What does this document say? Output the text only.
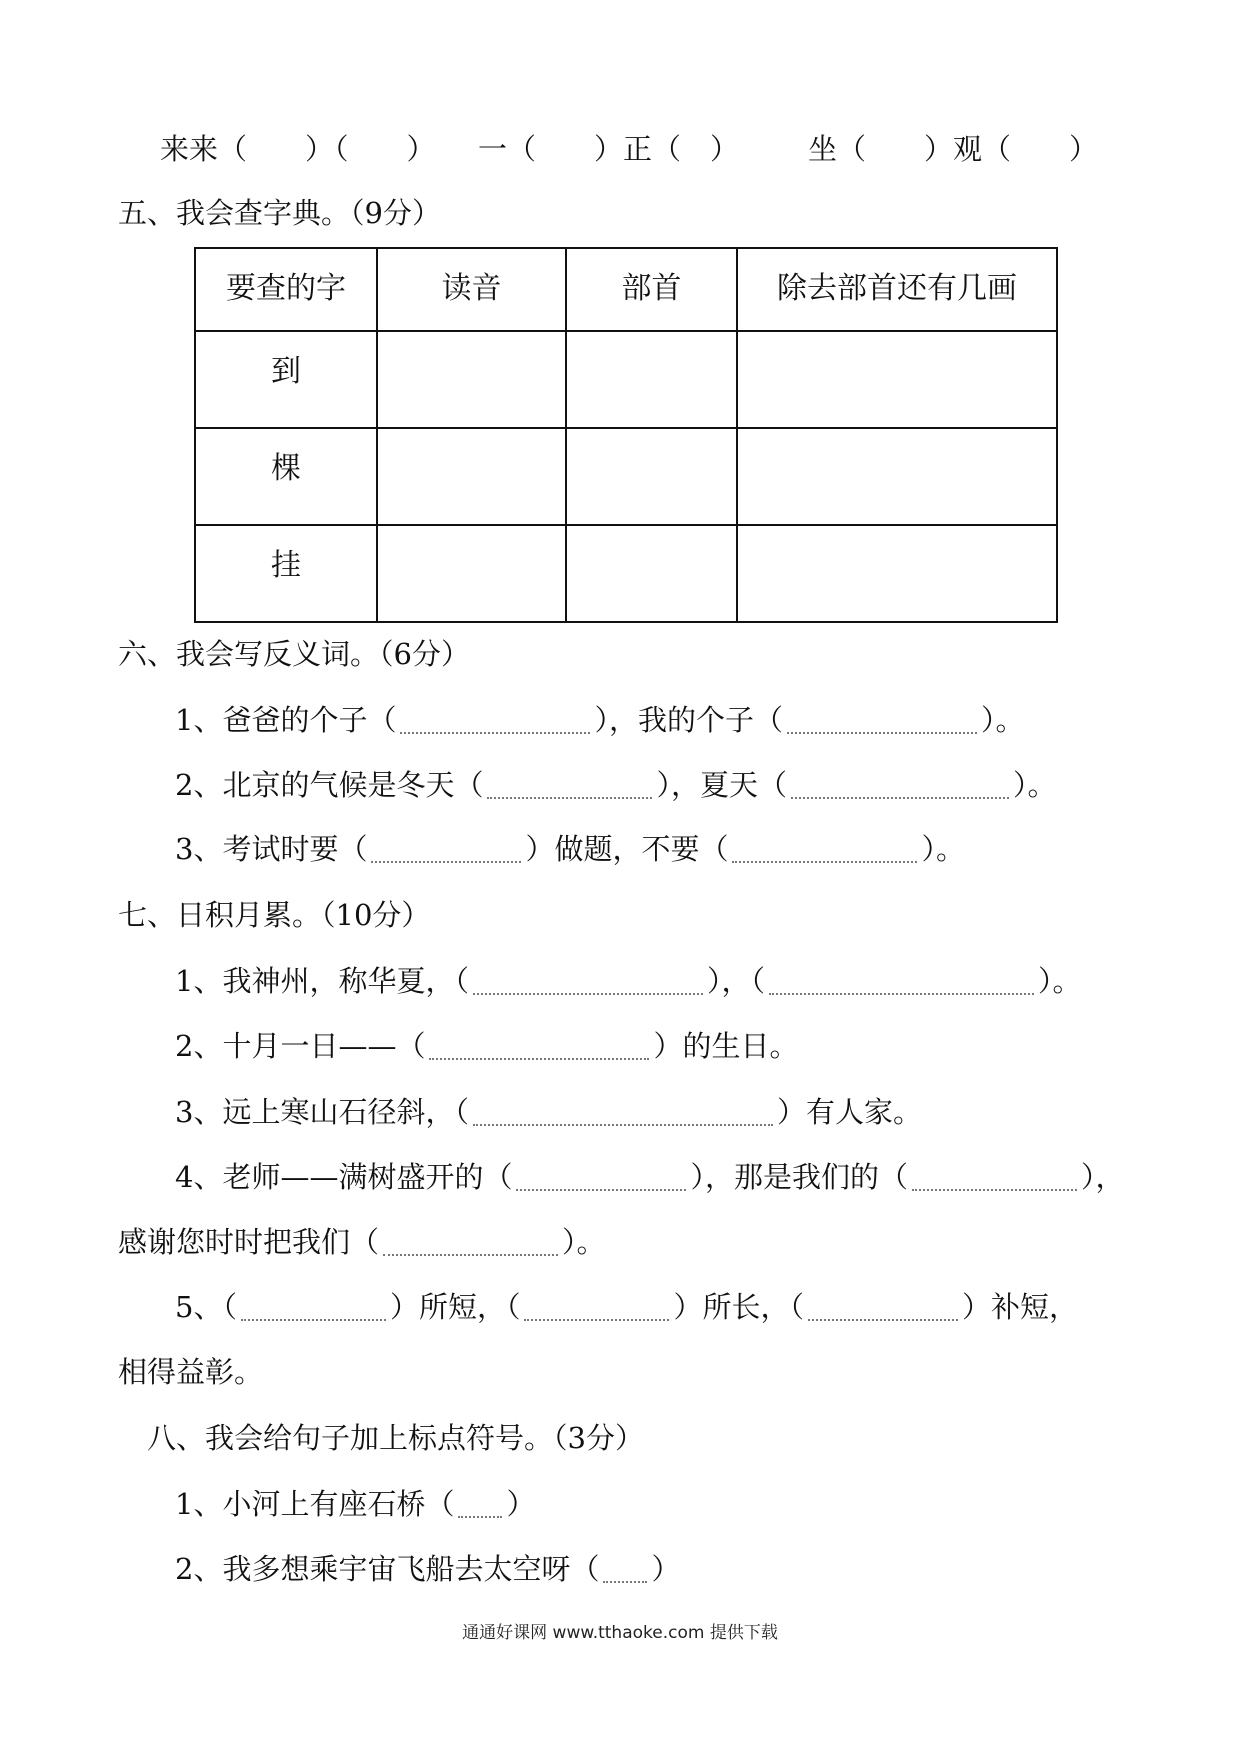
来来（　　）（　　） 一（　　）正（　） 坐（　　）观（　　）
五、我会查字典。（9分）
要查的字	读音	部首	除去部首还有几画
到			
棵			
挂			
六、我会写反义词。（6分）
1、爸爸的个子（	），我的个子（	）。
2、北京的气候是冬天（	），夏天（	）。
3、考试时要（	）做题，不要（	）。
七、日积月累。（10分）
1、我神州，称华夏，（	），（	）。
2、十月一日——（	）的生日。
3、远上寒山石径斜，（	）有人家。
4、老师——满树盛开的（	），那是我们的（	），
感谢您时时把我们（	）。
5、（	）所短，（	）所长，（	）补短，
相得益彰。
八、我会给句子加上标点符号。（3分）
1、小河上有座石桥（ ）
2、我多想乘宇宙飞船去太空呀（ ）
通通好课网 www.tthaoke.com 提供下载
